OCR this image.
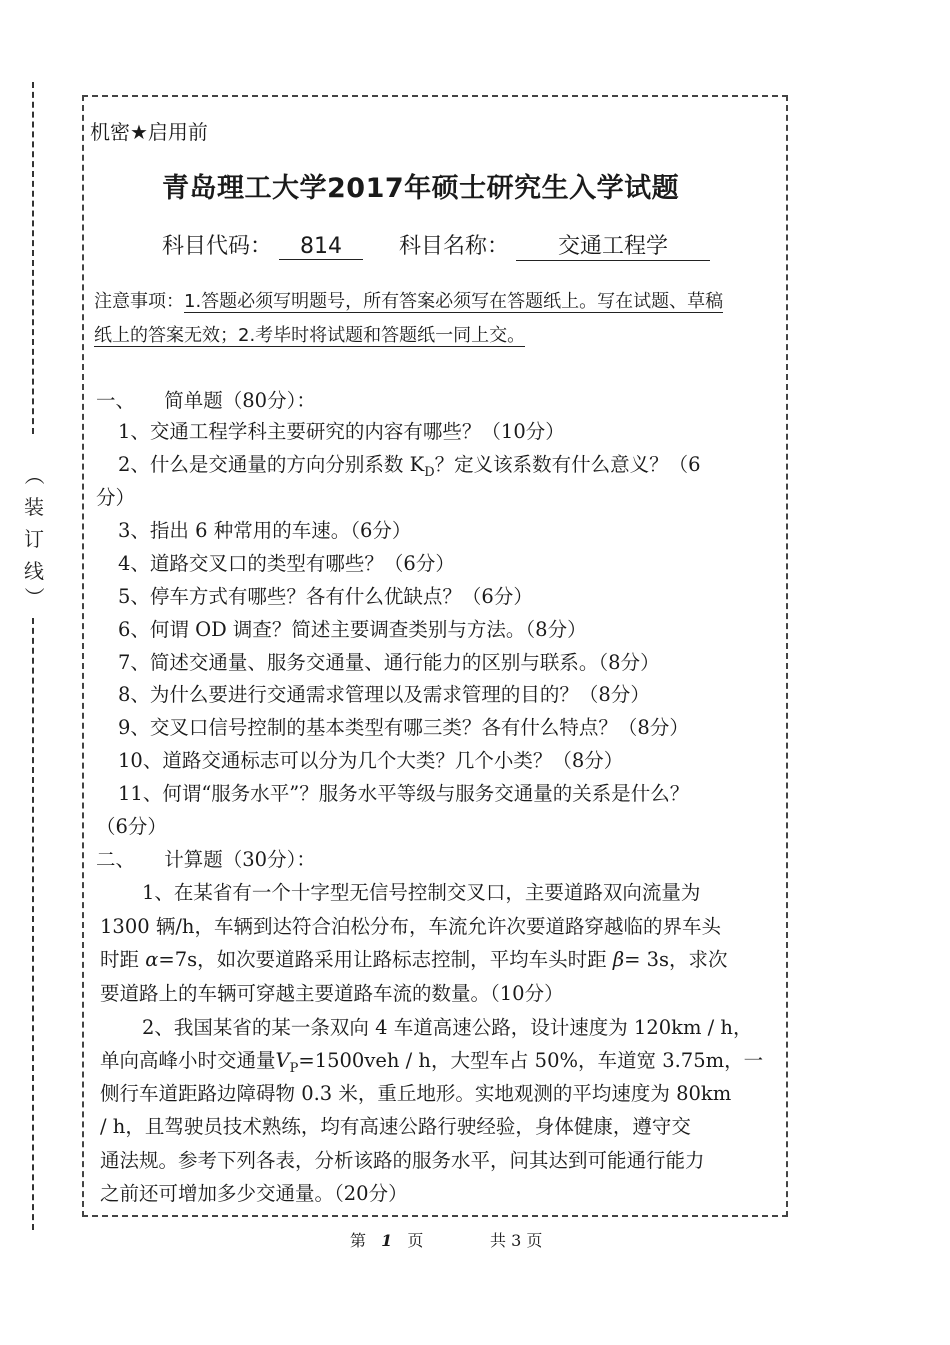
（
装
订
线
）
机密★启用前
青岛理工大学2017年硕士研究生入学试题
科目代码： 814	科目名称： 交通工程学
注意事项：1.答题必须写明题号，所有答案必须写在答题纸上。写在试题、草稿
纸上的答案无效；2.考毕时将试题和答题纸一同上交。
一、　　简单题（80分）：
1、交通工程学科主要研究的内容有哪些？（10分）
2、什么是交通量的方向分别系数 $K_D$？定义该系数有什么意义？（6
分）
3、指出 6 种常用的车速。（6分）
4、道路交叉口的类型有哪些？（6分）
5、停车方式有哪些？各有什么优缺点？（6分）
6、何谓 OD 调查？简述主要调查类别与方法。（8分）
7、简述交通量、服务交通量、通行能力的区别与联系。（8分）
8、为什么要进行交通需求管理以及需求管理的目的？（8分）
9、交叉口信号控制的基本类型有哪三类？各有什么特点？（8分）
10、道路交通标志可以分为几个大类？几个小类？（8分）
11、何谓“服务水平”？服务水平等级与服务交通量的关系是什么？
（6分）
二、　　计算题（30分）：
1、在某省有一个十字型无信号控制交叉口，主要道路双向流量为
1300 辆/h，车辆到达符合泊松分布，车流允许次要道路穿越临的界车头
时距 α=7s，如次要道路采用让路标志控制，平均车头时距 β= 3s，求次
要道路上的车辆可穿越主要道路车流的数量。（10分）
2、我国某省的某一条双向 4 车道高速公路，设计速度为 120km / h，
单向高峰小时交通量$V_P=1500veh / h$，大型车占 50%，车道宽 3.75m，一
侧行车道距路边障碍物 0.3 米，重丘地形。实地观测的平均速度为 80km
/ h，且驾驶员技术熟练，均有高速公路行驶经验，身体健康，遵守交
通法规。参考下列各表，分析该路的服务水平，问其达到可能通行能力
之前还可增加多少交通量。（20分）
第 1 页	共 3 页
